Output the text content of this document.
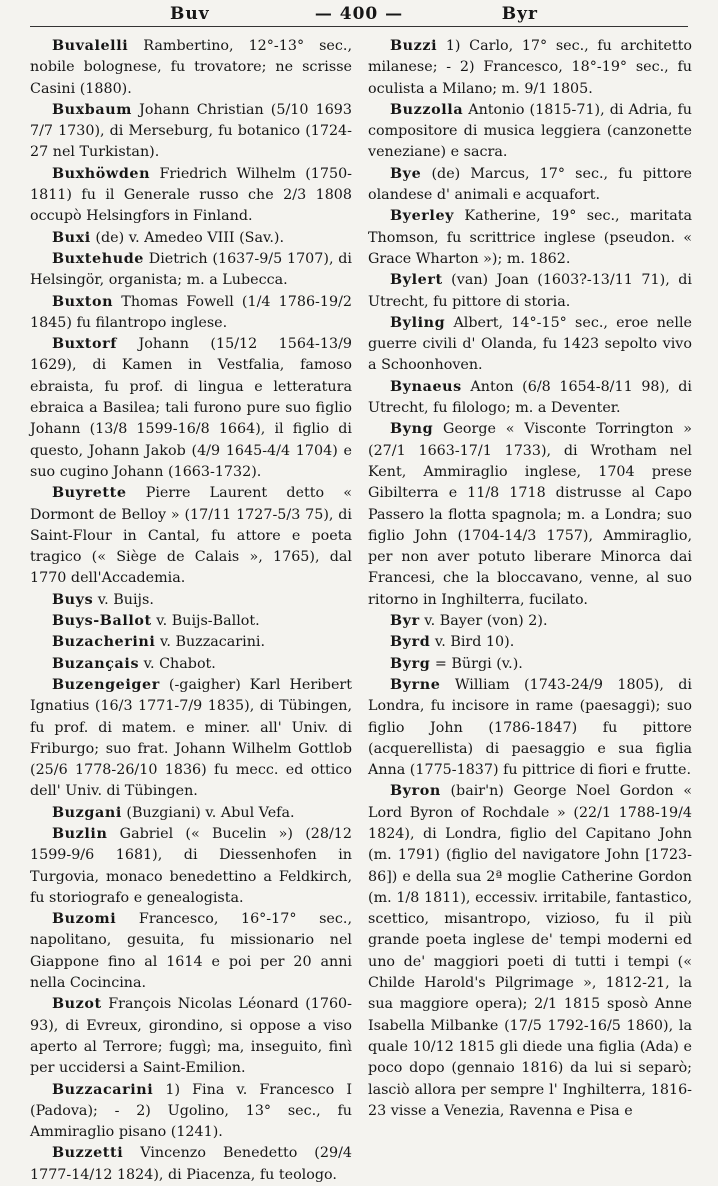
Buv	— 400 —	Byr

Buvalelli Rambertino, 12°-13° sec., nobile bolognese, fu trovatore; ne scrisse Casini (1880).

Buxbaum Johann Christian (5/10 1693 7/7 1730), di Merseburg, fu botanico (1724-27 nel Turkistan).

Buxhöwden Friedrich Wilhelm (1750-1811) fu il Generale russo che 2/3 1808 occupò Helsingfors in Finland.

Buxi (de) v. Amedeo VIII (Sav.).

Buxtehude Dietrich (1637-9/5 1707), di Helsingör, organista; m. a Lubecca.

Buxton Thomas Fowell (1/4 1786-19/2 1845) fu filantropo inglese.

Buxtorf Johann (15/12 1564-13/9 1629), di Kamen in Vestfalia, famoso ebraista, fu prof. di lingua e letteratura ebraica a Basilea; tali furono pure suo figlio Johann (13/8 1599-16/8 1664), il figlio di questo, Johann Jakob (4/9 1645-4/4 1704) e suo cugino Johann (1663-1732).

Buyrette Pierre Laurent detto « Dormont de Belloy » (17/11 1727-5/3 75), di Saint-Flour in Cantal, fu attore e poeta tragico (« Siège de Calais », 1765), dal 1770 dell'Accademia.

Buys v. Buijs.

Buys-Ballot v. Buijs-Ballot.

Buzacherini v. Buzzacarini.

Buzançais v. Chabot.

Buzengeiger (-gaigher) Karl Heribert Ignatius (16/3 1771-7/9 1835), di Tübingen, fu prof. di matem. e miner. all' Univ. di Friburgo; suo frat. Johann Wilhelm Gottlob (25/6 1778-26/10 1836) fu mecc. ed ottico dell' Univ. di Tübingen.

Buzgani (Buzgiani) v. Abul Vefa.

Buzlin Gabriel (« Bucelin ») (28/12 1599-9/6 1681), di Diessenhofen in Turgovia, monaco benedettino a Feldkirch, fu storiografo e genealogista.

Buzomi Francesco, 16°-17° sec., napolitano, gesuita, fu missionario nel Giappone fino al 1614 e poi per 20 anni nella Cocincina.

Buzot François Nicolas Léonard (1760-93), di Evreux, girondino, si oppose a viso aperto al Terrore; fuggì; ma, inseguito, finì per uccidersi a Saint-Emilion.

Buzzacarini 1) Fina v. Francesco I (Padova); - 2) Ugolino, 13° sec., fu Ammiraglio pisano (1241).

Buzzetti Vincenzo Benedetto (29/4 1777-14/12 1824), di Piacenza, fu teologo.

Buzzi 1) Carlo, 17° sec., fu architetto milanese; - 2) Francesco, 18°-19° sec., fu oculista a Milano; m. 9/1 1805.

Buzzolla Antonio (1815-71), di Adria, fu compositore di musica leggiera (canzonette veneziane) e sacra.

Bye (de) Marcus, 17° sec., fu pittore olandese d' animali e acquafort.

Byerley Katherine, 19° sec., maritata Thomson, fu scrittrice inglese (pseudon. « Grace Wharton »); m. 1862.

Bylert (van) Joan (1603?-13/11 71), di Utrecht, fu pittore di storia.

Byling Albert, 14°-15° sec., eroe nelle guerre civili d' Olanda, fu 1423 sepolto vivo a Schoonhoven.

Bynaeus Anton (6/8 1654-8/11 98), di Utrecht, fu filologo; m. a Deventer.

Byng George « Visconte Torrington » (27/1 1663-17/1 1733), di Wrotham nel Kent, Ammiraglio inglese, 1704 prese Gibilterra e 11/8 1718 distrusse al Capo Passero la flotta spagnola; m. a Londra; suo figlio John (1704-14/3 1757), Ammiraglio, per non aver potuto liberare Minorca dai Francesi, che la bloccavano, venne, al suo ritorno in Inghilterra, fucilato.

Byr v. Bayer (von) 2).

Byrd v. Bird 10).

Byrg = Bürgi (v.).

Byrne William (1743-24/9 1805), di Londra, fu incisore in rame (paesaggi); suo figlio John (1786-1847) fu pittore (acquerellista) di paesaggio e sua figlia Anna (1775-1837) fu pittrice di fiori e frutte.

Byron (bair'n) George Noel Gordon « Lord Byron of Rochdale » (22/1 1788-19/4 1824), di Londra, figlio del Capitano John (m. 1791) (figlio del navigatore John [1723-86]) e della sua 2ª moglie Catherine Gordon (m. 1/8 1811), eccessiv. irritabile, fantastico, scettico, misantropo, vizioso, fu il più grande poeta inglese de' tempi moderni ed uno de' maggiori poeti di tutti i tempi (« Childe Harold's Pilgrimage », 1812-21, la sua maggiore opera); 2/1 1815 sposò Anne Isabella Milbanke (17/5 1792-16/5 1860), la quale 10/12 1815 gli diede una figlia (Ada) e poco dopo (gennaio 1816) da lui si separò; lasciò allora per sempre l' Inghilterra, 1816-23 visse a Venezia, Ravenna e Pisa e
